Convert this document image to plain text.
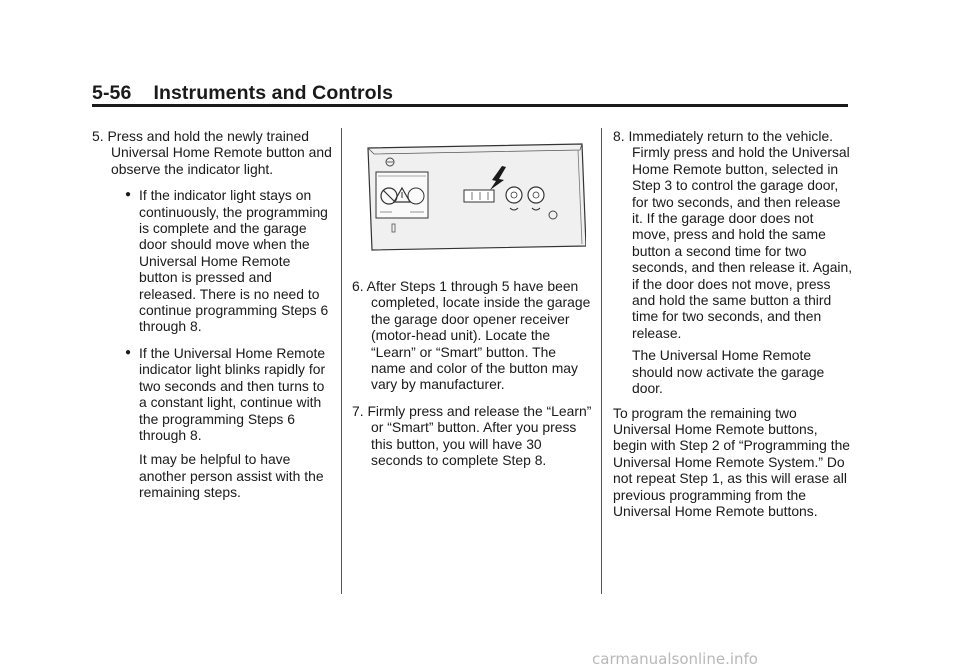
5-56 Instruments and Controls

5. Press and hold the newly trained Universal Home Remote button and observe the indicator light.

● If the indicator light stays on continuously, the programming is complete and the garage door should move when the Universal Home Remote button is pressed and released. There is no need to continue programming Steps 6 through 8.

● If the Universal Home Remote indicator light blinks rapidly for two seconds and then turns to a constant light, continue with the programming Steps 6 through 8.

It may be helpful to have another person assist with the remaining steps.

6. After Steps 1 through 5 have been completed, locate inside the garage the garage door opener receiver (motor-head unit). Locate the “Learn” or “Smart” button. The name and color of the button may vary by manufacturer.

7. Firmly press and release the “Learn” or “Smart” button. After you press this button, you will have 30 seconds to complete Step 8.

8. Immediately return to the vehicle. Firmly press and hold the Universal Home Remote button, selected in Step 3 to control the garage door, for two seconds, and then release it. If the garage door does not move, press and hold the same button a second time for two seconds, and then release it. Again, if the door does not move, press and hold the same button a third time for two seconds, and then release.

The Universal Home Remote should now activate the garage door.

To program the remaining two Universal Home Remote buttons, begin with Step 2 of “Programming the Universal Home Remote System.” Do not repeat Step 1, as this will erase all previous programming from the Universal Home Remote buttons.

carmanualsonline.info
